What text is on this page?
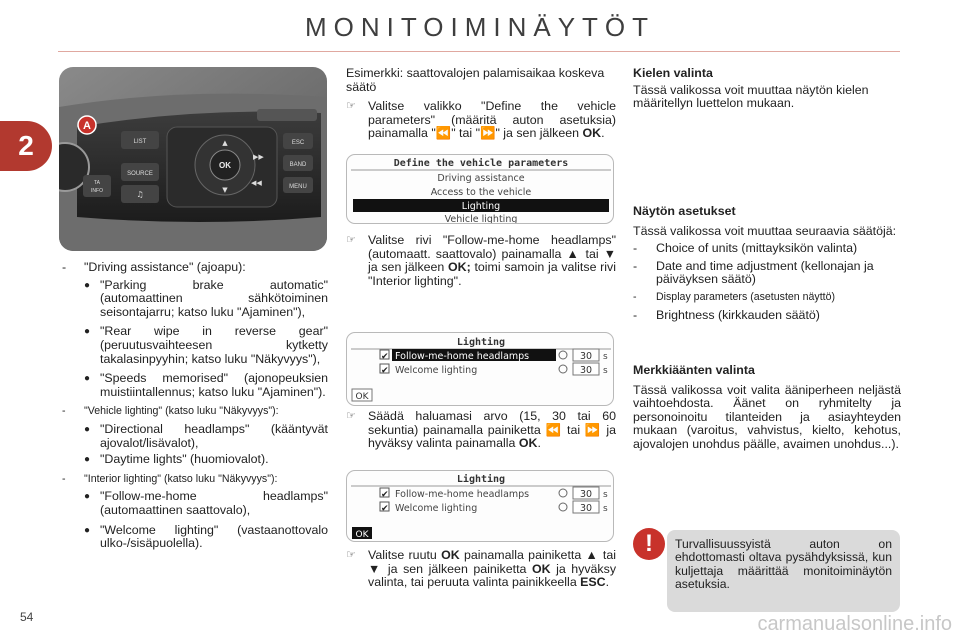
MONITOIMINÄYTÖT
2
A
LIST
SOURCE
♫
TA
INFO
OK
▲
▼
▶▶
◀◀
ESC
BAND
MENU
- "Driving assistance" (ajoapu):
● "Parking brake automatic" (automaattinen sähkötoiminen seisontajarru; katso luku "Ajaminen"),
● "Rear wipe in reverse gear" (peruutusvaihteesen kytketty takalasinpyyhin; katso luku "Näkyvyys"),
● "Speeds memorised" (ajonopeuksien muistiintallennus; katso luku "Ajaminen").
- "Vehicle lighting" (katso luku "Näkyvyys"):
● "Directional headlamps" (kääntyvät ajovalot/lisävalot),
● "Daytime lights" (huomiovalot).
- "Interior lighting" (katso luku "Näkyvyys"):
● "Follow-me-home headlamps" (automaattinen saattovalo),
● "Welcome lighting" (vastaanottovalo ulko-/sisäpuolella).
Esimerkki: saattovalojen palamisaikaa koskeva säätö
☞ Valitse valikko "Define the vehicle parameters" (määritä auton asetuksia) painamalla "⏪" tai "⏩" ja sen jälkeen OK.
Define the vehicle parameters
Driving assistance
Access to the vehicle
Lighting
Vehicle lighting
☞ Valitse rivi "Follow-me-home headlamps" (automaatt. saattovalo) painamalla ▲ tai ▼ ja sen jälkeen OK; toimi samoin ja valitse rivi "Interior lighting".
Lighting
✔ Follow-me-home headlamps	30 s
✔ Welcome lighting	30 s
OK
☞ Säädä haluamasi arvo (15, 30 tai 60 sekuntia) painamalla painiketta ⏪ tai ⏩ ja hyväksy valinta painamalla OK.
Lighting
✔ Follow-me-home headlamps	30 s
✔ Welcome lighting	30 s
OK
☞ Valitse ruutu OK painamalla painiketta ▲ tai ▼ ja sen jälkeen painiketta OK ja hyväksy valinta, tai peruuta valinta painikkeella ESC.
Kielen valinta
Tässä valikossa voit muuttaa näytön kielen määritellyn luettelon mukaan.
Näytön asetukset
Tässä valikossa voit muuttaa seuraavia säätöjä:
- Choice of units (mittayksikön valinta)
- Date and time adjustment (kellonajan ja päiväyksen säätö)
- Display parameters (asetusten näyttö)
- Brightness (kirkkauden säätö)
Merkkiäänten valinta
Tässä valikossa voit valita ääniperheen neljästä vaihtoehdosta. Äänet on ryhmitelty ja personoinoitu tilanteiden ja asiayhteyden mukaan (varoitus, vahvistus, kielto, kehotus, ajovalojen unohdus päälle, avaimen unohdus...).
!	Turvallisuussyistä auton on ehdottomasti oltava pysähdyksissä, kun kuljettaja määrittää monitoiminäytön asetuksia.
54	carmanualsonline.info
